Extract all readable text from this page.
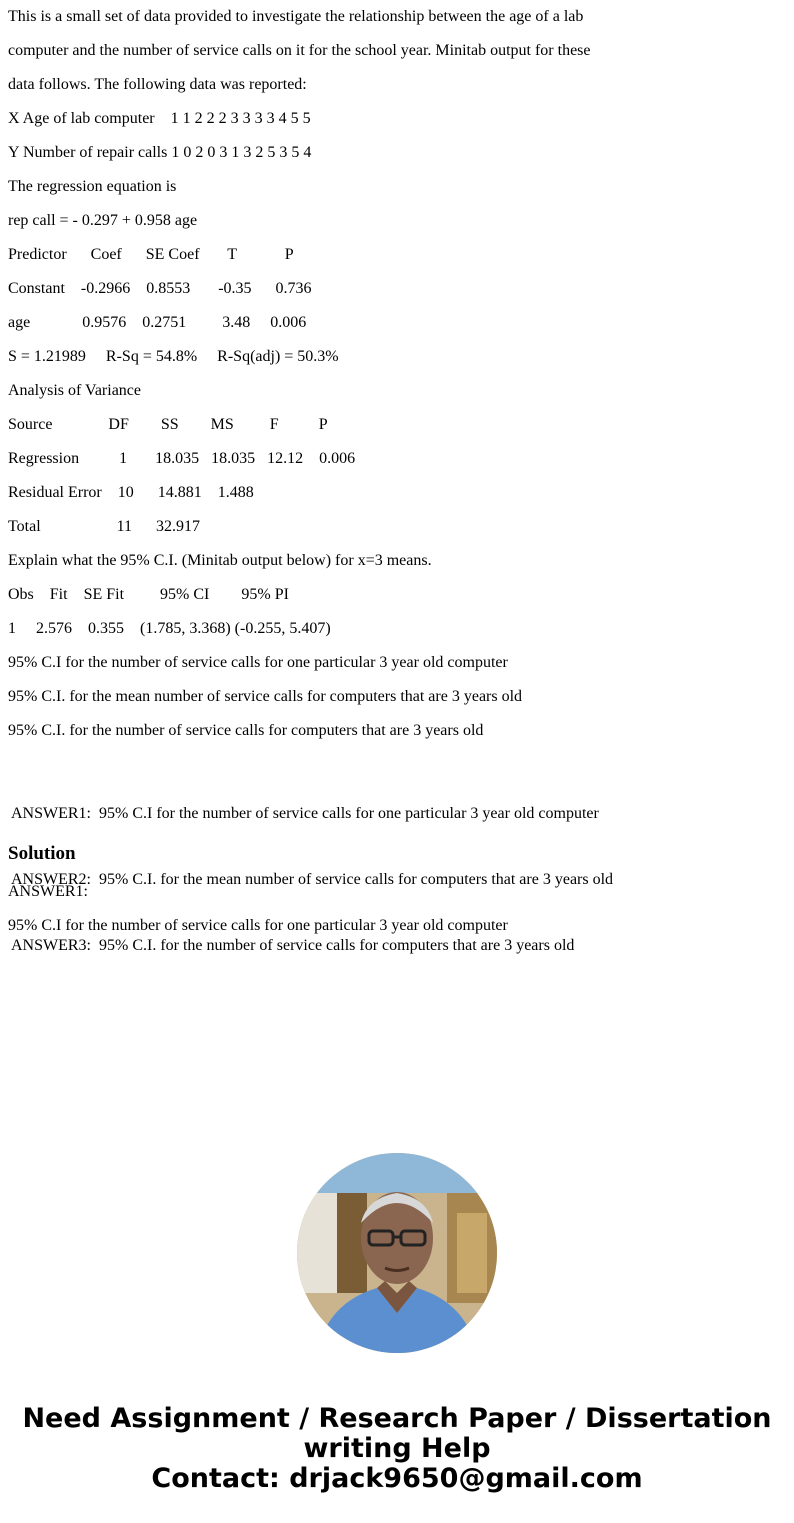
This is a small set of data provided to investigate the relationship between the age of a lab

computer and the number of service calls on it for the school year. Minitab output for these

data follows. The following data was reported:

X Age of lab computer    1 1 2 2 2 3 3 3 3 4 5 5

Y Number of repair calls 1 0 2 0 3 1 3 2 5 3 5 4

The regression equation is

rep call = - 0.297 + 0.958 age

Predictor      Coef      SE Coef       T            P

Constant    -0.2966    0.8553       -0.35      0.736

age             0.9576    0.2751         3.48     0.006

S = 1.21989     R-Sq = 54.8%     R-Sq(adj) = 50.3%

Analysis of Variance

Source              DF        SS        MS         F          P

Regression          1       18.035   18.035   12.12    0.006

Residual Error    10      14.881    1.488

Total                   11      32.917

Explain what the 95% C.I. (Minitab output below) for x=3 means.

Obs    Fit    SE Fit         95% CI        95% PI

1     2.576    0.355    (1.785, 3.368) (-0.255, 5.407)

95% C.I for the number of service calls for one particular 3 year old computer

95% C.I. for the mean number of service calls for computers that are 3 years old

95% C.I. for the number of service calls for computers that are 3 years old

ANSWER1:  95% C.I for the number of service calls for one particular 3 year old computer

ANSWER2:  95% C.I. for the mean number of service calls for computers that are 3 years old

ANSWER3:  95% C.I. for the number of service calls for computers that are 3 years old

Solution

ANSWER1:

95% C.I for the number of service calls for one particular 3 year old computer

Need Assignment / Research Paper / Dissertation
writing Help
Contact: drjack9650@gmail.com
